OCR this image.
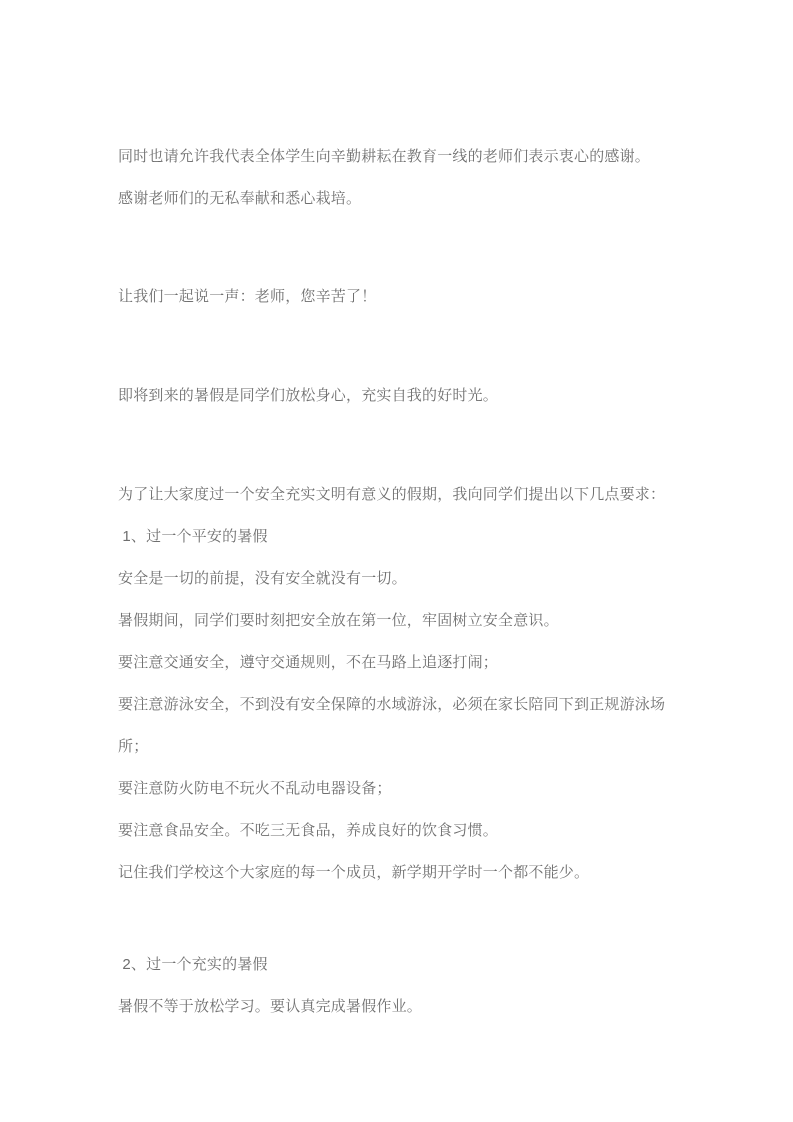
同时也请允许我代表全体学生向辛勤耕耘在教育一线的老师们表示衷心的感谢。

感谢老师们的无私奉献和悉心栽培。

让我们一起说一声：老师，您辛苦了！

即将到来的暑假是同学们放松身心，充实自我的好时光。

为了让大家度过一个安全充实文明有意义的假期，我向同学们提出以下几点要求：

1、过一个平安的暑假

安全是一切的前提，没有安全就没有一切。

暑假期间，同学们要时刻把安全放在第一位，牢固树立安全意识。

要注意交通安全，遵守交通规则，不在马路上追逐打闹；

要注意游泳安全，不到没有安全保障的水域游泳，必须在家长陪同下到正规游泳场

所；

要注意防火防电不玩火不乱动电器设备；

要注意食品安全。不吃三无食品，养成良好的饮食习惯。

记住我们学校这个大家庭的每一个成员，新学期开学时一个都不能少。

2、过一个充实的暑假

暑假不等于放松学习。要认真完成暑假作业。
